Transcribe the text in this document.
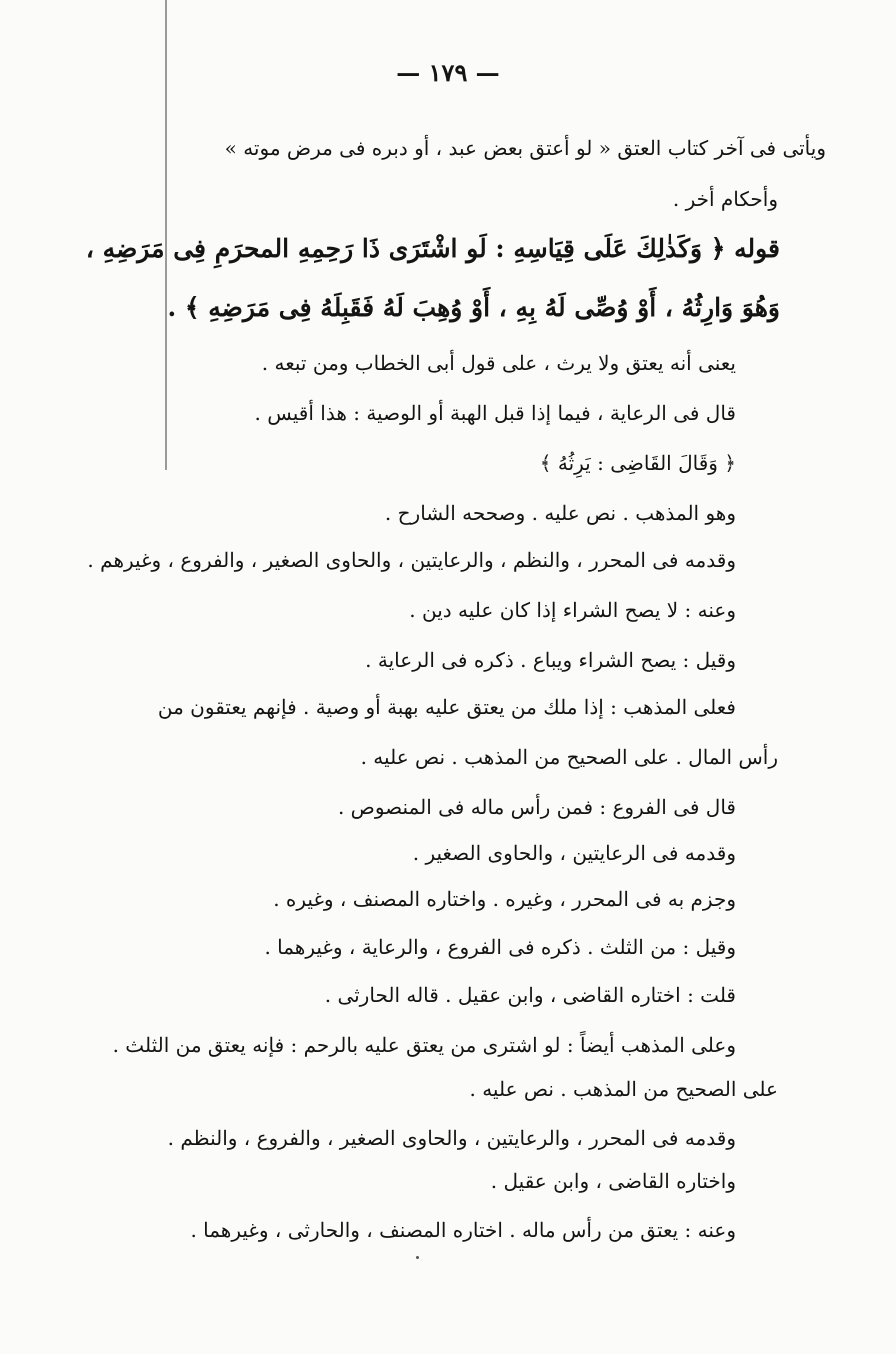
— ١٧٩ —
ويأتى فى آخر كتاب العتق « لو أعتق بعض عبد ، أو دبره فى مرض موته »
وأحكام أخر .
قوله ﴿ وَكَذٰلِكَ عَلَى قِيَاسِهِ : لَو اشْتَرَى ذَا رَحِمِهِ المحرَمِ فِى مَرَضِهِ ،
وَهُوَ وَارِثُهُ ، أَوْ وُصِّى لَهُ بِهِ ، أَوْ وُهِبَ لَهُ فَقَبِلَهُ فِى مَرَضِهِ ﴾ .
يعنى أنه يعتق ولا يرث ، على قول أبى الخطاب ومن تبعه .
قال فى الرعاية ، فيما إذا قبل الهبة أو الوصية : هذا أقيس .
﴿ وَقَالَ القَاضِى : يَرِثُهُ ﴾
وهو المذهب . نص عليه . وصححه الشارح .
وقدمه فى المحرر ، والنظم ، والرعايتين ، والحاوى الصغير ، والفروع ، وغيرهم .
وعنه : لا يصح الشراء إذا كان عليه دين .
وقيل : يصح الشراء ويباع . ذكره فى الرعاية .
فعلى المذهب : إذا ملك من يعتق عليه بهبة أو وصية . فإنهم يعتقون من
رأس المال . على الصحيح من المذهب . نص عليه .
قال فى الفروع : فمن رأس ماله فى المنصوص .
وقدمه فى الرعايتين ، والحاوى الصغير .
وجزم به فى المحرر ، وغيره . واختاره المصنف ، وغيره .
وقيل : من الثلث . ذكره فى الفروع ، والرعاية ، وغيرهما .
قلت : اختاره القاضى ، وابن عقيل . قاله الحارثى .
وعلى المذهب أيضاً : لو اشترى من يعتق عليه بالرحم : فإنه يعتق من الثلث .
على الصحيح من المذهب . نص عليه .
وقدمه فى المحرر ، والرعايتين ، والحاوى الصغير ، والفروع ، والنظم .
واختاره القاضى ، وابن عقيل .
وعنه : يعتق من رأس ماله . اختاره المصنف ، والحارثى ، وغيرهما .
